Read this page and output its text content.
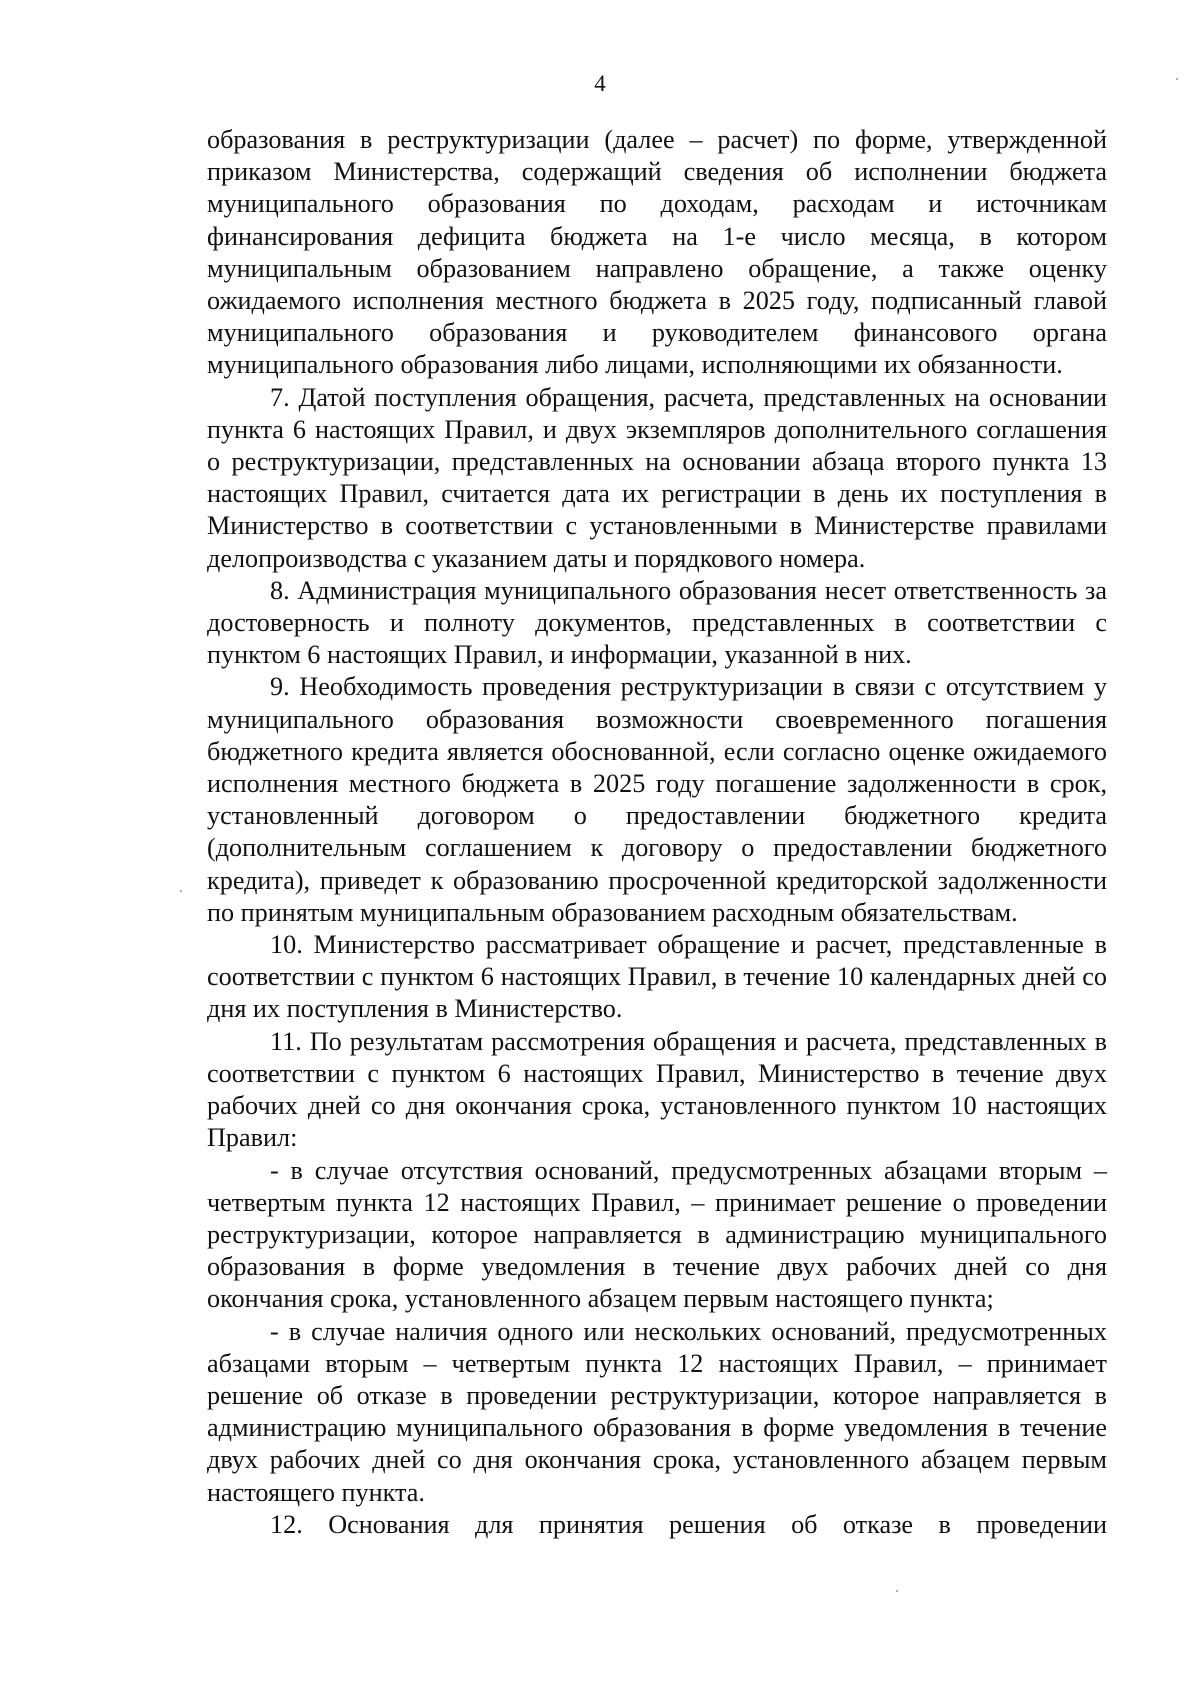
4

образования в реструктуризации (далее – расчет) по форме, утвержденной приказом Министерства, содержащий сведения об исполнении бюджета муниципального образования по доходам, расходам и источникам финансирования дефицита бюджета на 1-е число месяца, в котором муниципальным образованием направлено обращение, а также оценку ожидаемого исполнения местного бюджета в 2025 году, подписанный главой муниципального образования и руководителем финансового органа муниципального образования либо лицами, исполняющими их обязанности.

7. Датой поступления обращения, расчета, представленных на основании пункта 6 настоящих Правил, и двух экземпляров дополнительного соглашения о реструктуризации, представленных на основании абзаца второго пункта 13 настоящих Правил, считается дата их регистрации в день их поступления в Министерство в соответствии с установленными в Министерстве правилами делопроизводства с указанием даты и порядкового номера.

8. Администрация муниципального образования несет ответственность за достоверность и полноту документов, представленных в соответствии с пунктом 6 настоящих Правил, и информации, указанной в них.

9. Необходимость проведения реструктуризации в связи с отсутствием у муниципального образования возможности своевременного погашения бюджетного кредита является обоснованной, если согласно оценке ожидаемого исполнения местного бюджета в 2025 году погашение задолженности в срок, установленный договором о предоставлении бюджетного кредита (дополнительным соглашением к договору о предоставлении бюджетного кредита), приведет к образованию просроченной кредиторской задолженности по принятым муниципальным образованием расходным обязательствам.

10. Министерство рассматривает обращение и расчет, представленные в соответствии с пунктом 6 настоящих Правил, в течение 10 календарных дней со дня их поступления в Министерство.

11. По результатам рассмотрения обращения и расчета, представленных в соответствии с пунктом 6 настоящих Правил, Министерство в течение двух рабочих дней со дня окончания срока, установленного пунктом 10 настоящих Правил:

- в случае отсутствия оснований, предусмотренных абзацами вторым – четвертым пункта 12 настоящих Правил, – принимает решение о проведении реструктуризации, которое направляется в администрацию муниципального образования в форме уведомления в течение двух рабочих дней со дня окончания срока, установленного абзацем первым настоящего пункта;

- в случае наличия одного или нескольких оснований, предусмотренных абзацами вторым – четвертым пункта 12 настоящих Правил, – принимает решение об отказе в проведении реструктуризации, которое направляется в администрацию муниципального образования в форме уведомления в течение двух рабочих дней со дня окончания срока, установленного абзацем первым настоящего пункта.

12. Основания для принятия решения об отказе в проведении
